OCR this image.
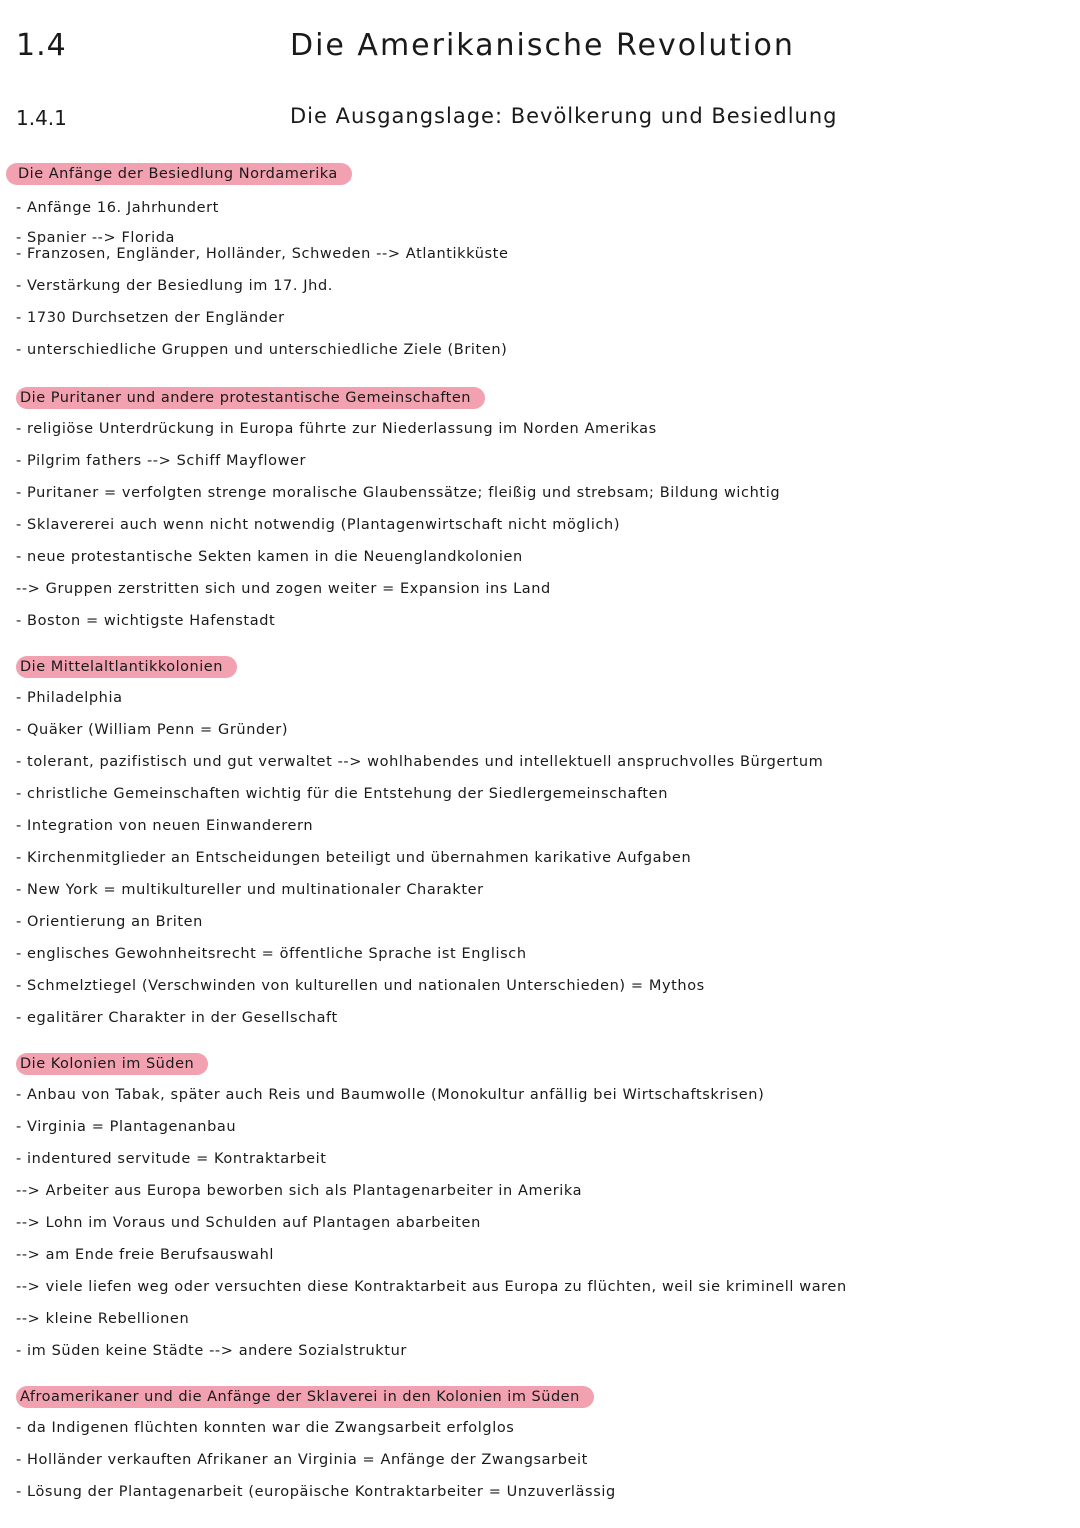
1.4	Die Amerikanische Revolution
1.4.1	Die Ausgangslage: Bevölkerung und Besiedlung
Die Anfänge der Besiedlung Nordamerika
- Anfänge 16. Jahrhundert
- Spanier --> Florida
- Franzosen, Engländer, Holländer, Schweden --> Atlantikküste
- Verstärkung der Besiedlung im 17. Jhd.
- 1730 Durchsetzen der Engländer
- unterschiedliche Gruppen und unterschiedliche Ziele (Briten)
Die Puritaner und andere protestantische Gemeinschaften
- religiöse Unterdrückung in Europa führte zur Niederlassung im Norden Amerikas
- Pilgrim fathers --> Schiff Mayflower
- Puritaner = verfolgten strenge moralische Glaubenssätze; fleißig und strebsam; Bildung wichtig
- Sklavererei auch wenn nicht notwendig (Plantagenwirtschaft nicht möglich)
- neue protestantische Sekten kamen in die Neuenglandkolonien
--> Gruppen zerstritten sich und zogen weiter = Expansion ins Land
- Boston = wichtigste Hafenstadt
Die Mittelaltlantikkolonien
- Philadelphia
- Quäker (William Penn = Gründer)
- tolerant, pazifistisch und gut verwaltet --> wohlhabendes und intellektuell anspruchvolles Bürgertum
- christliche Gemeinschaften wichtig für die Entstehung der Siedlergemeinschaften
- Integration von neuen Einwanderern
- Kirchenmitglieder an Entscheidungen beteiligt und übernahmen karikative Aufgaben
- New York = multikultureller und multinationaler Charakter
- Orientierung an Briten
- englisches Gewohnheitsrecht = öffentliche Sprache ist Englisch
- Schmelztiegel (Verschwinden von kulturellen und nationalen Unterschieden) = Mythos
- egalitärer Charakter in der Gesellschaft
Die Kolonien im Süden
- Anbau von Tabak, später auch Reis und Baumwolle (Monokultur anfällig bei Wirtschaftskrisen)
- Virginia = Plantagenanbau
- indentured servitude = Kontraktarbeit
--> Arbeiter aus Europa beworben sich als Plantagenarbeiter in Amerika
--> Lohn im Voraus und Schulden auf Plantagen abarbeiten
--> am Ende freie Berufsauswahl
--> viele liefen weg oder versuchten diese Kontraktarbeit aus Europa zu flüchten, weil sie kriminell waren
--> kleine Rebellionen
- im Süden keine Städte --> andere Sozialstruktur
Afroamerikaner und die Anfänge der Sklaverei in den Kolonien im Süden
- da Indigenen flüchten konnten war die Zwangsarbeit erfolglos
- Holländer verkauften Afrikaner an Virginia = Anfänge der Zwangsarbeit
- Lösung der Plantagenarbeit (europäische Kontraktarbeiter = Unzuverlässig
